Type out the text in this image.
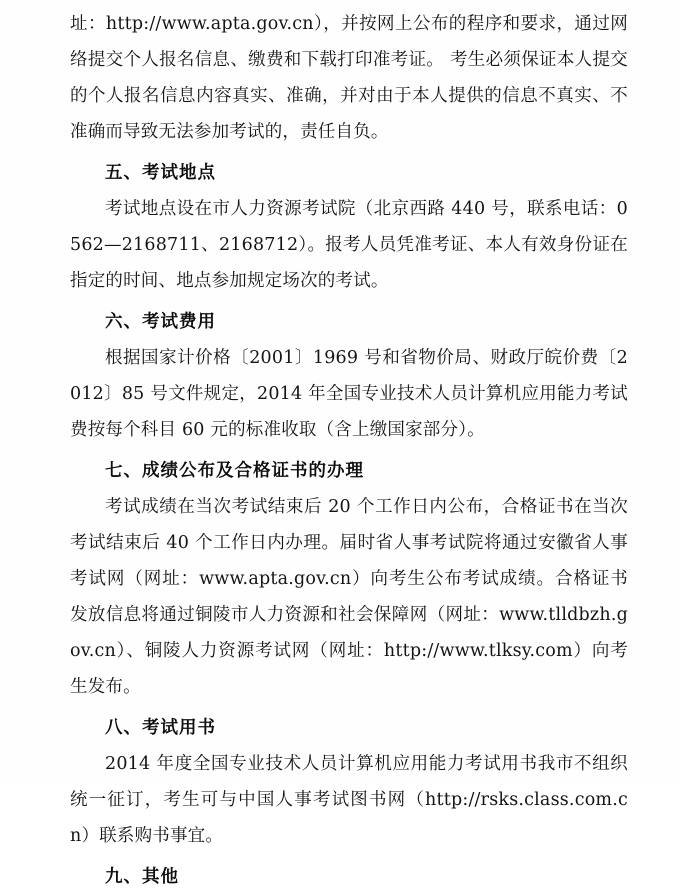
址：http://www.apta.gov.cn），并按网上公布的程序和要求，通过网络提交个人报名信息、缴费和下载打印准考证。 考生必须保证本人提交的个人报名信息内容真实、准确，并对由于本人提供的信息不真实、不准确而导致无法参加考试的，责任自负。

五、考试地点

考试地点设在市人力资源考试院（北京西路 440 号，联系电话：0562—2168711、2168712）。报考人员凭准考证、本人有效身份证在指定的时间、地点参加规定场次的考试。

六、考试费用

根据国家计价格〔2001〕1969 号和省物价局、财政厅皖价费〔2012〕85 号文件规定，2014 年全国专业技术人员计算机应用能力考试费按每个科目 60 元的标准收取（含上缴国家部分）。

七、成绩公布及合格证书的办理

考试成绩在当次考试结束后 20 个工作日内公布，合格证书在当次考试结束后 40 个工作日内办理。届时省人事考试院将通过安徽省人事考试网（网址：www.apta.gov.cn）向考生公布考试成绩。合格证书发放信息将通过铜陵市人力资源和社会保障网（网址：www.tlldbzh.gov.cn）、铜陵人力资源考试网（网址：http://www.tlksy.com）向考生发布。

八、考试用书

2014 年度全国专业技术人员计算机应用能力考试用书我市不组织统一征订，考生可与中国人事考试图书网（http://rsks.class.com.cn）联系购书事宜。

九、其他
